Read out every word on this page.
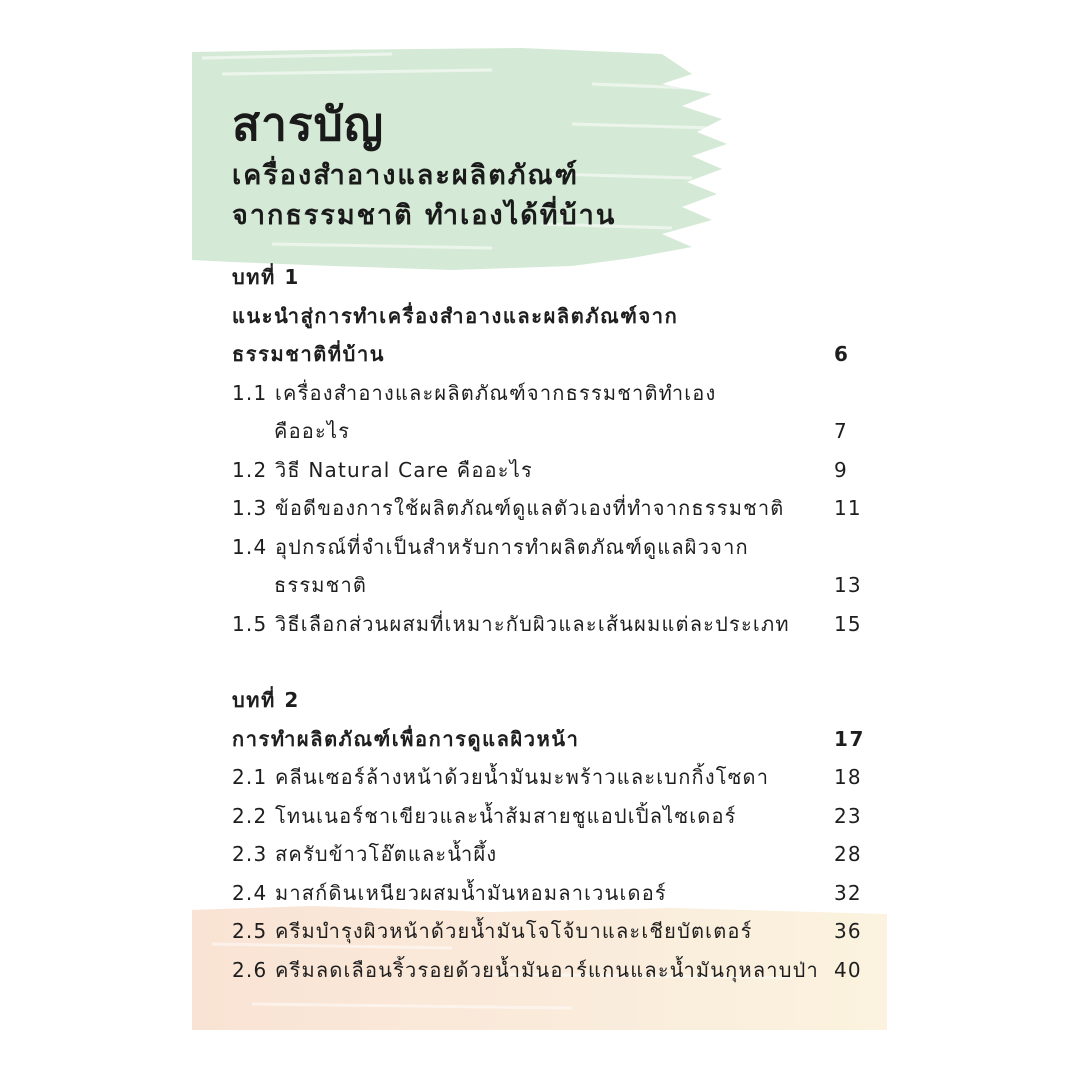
สารบัญ
เครื่องสำอางและผลิตภัณฑ์
จากธรรมชาติ ทำเองได้ที่บ้าน
บทที่ 1
แนะนำสู่การทำเครื่องสำอางและผลิตภัณฑ์จาก
ธรรมชาติที่บ้าน	6
1.1 เครื่องสำอางและผลิตภัณฑ์จากธรรมชาติทำเอง
คืออะไร	7
1.2 วิธี Natural Care คืออะไร	9
1.3 ข้อดีของการใช้ผลิตภัณฑ์ดูแลตัวเองที่ทำจากธรรมชาติ 11
1.4 อุปกรณ์ที่จำเป็นสำหรับการทำผลิตภัณฑ์ดูแลผิวจาก
ธรรมชาติ	13
1.5 วิธีเลือกส่วนผสมที่เหมาะกับผิวและเส้นผมแต่ละประเภท 15
บทที่ 2
การทำผลิตภัณฑ์เพื่อการดูแลผิวหน้า	17
2.1 คลีนเซอร์ล้างหน้าด้วยน้ำมันมะพร้าวและเบกกิ้งโซดา	18
2.2 โทนเนอร์ชาเขียวและน้ำส้มสายชูแอปเปิ้ลไซเดอร์	23
2.3 สครับข้าวโอ๊ตและน้ำผึ้ง	28
2.4 มาสก์ดินเหนียวผสมน้ำมันหอมลาเวนเดอร์	32
2.5 ครีมบำรุงผิวหน้าด้วยน้ำมันโจโจ้บาและเชียบัตเตอร์	36
2.6 ครีมลดเลือนริ้วรอยด้วยน้ำมันอาร์แกนและน้ำมันกุหลาบป่า 40
